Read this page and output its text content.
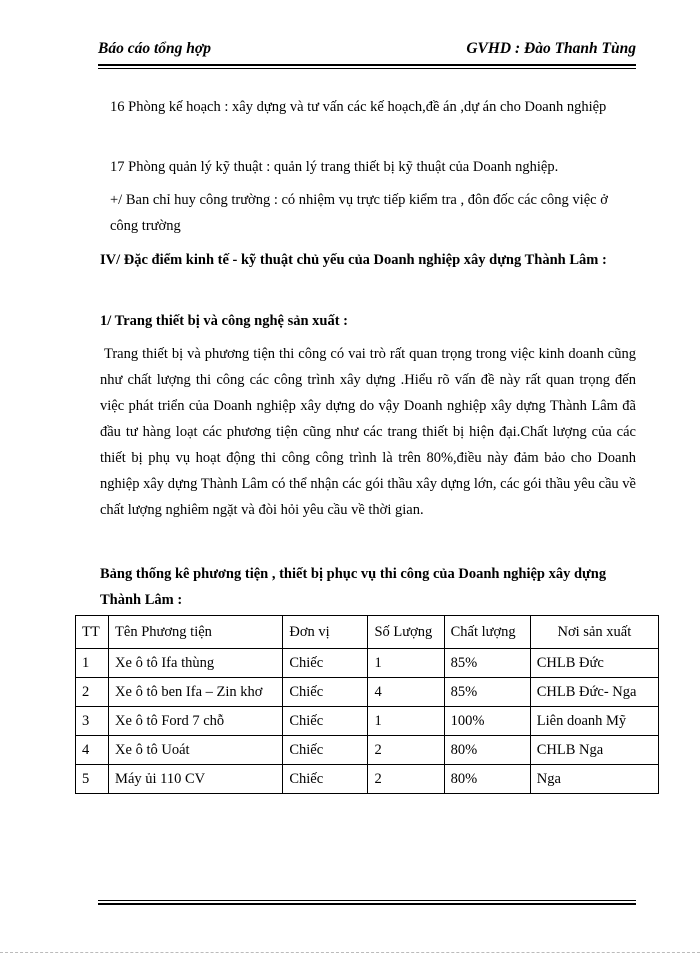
Báo cáo tổng hợp	GVHD : Đào Thanh Tùng

16 Phòng kế hoạch : xây dựng và tư vấn các kế hoạch,đề án ,dự án cho Doanh nghiệp

17 Phòng quản lý kỹ thuật : quản lý trang thiết bị kỹ thuật của Doanh nghiệp.

+/ Ban chỉ huy công trường : có nhiệm vụ trực tiếp kiểm tra , đôn đốc các công việc ở công trường

IV/ Đặc điểm kinh tế - kỹ thuật chủ yếu của Doanh nghiệp xây dựng Thành Lâm :

1/ Trang thiết bị và công nghệ sản xuất :

Trang thiết bị và phương tiện thi công có vai trò rất quan trọng trong việc kinh doanh cũng như chất lượng thi công các công trình xây dựng .Hiểu rõ vấn đề này rất quan trọng đến việc phát triển của Doanh nghiệp xây dựng do vậy Doanh nghiệp xây dựng Thành Lâm đã đầu tư hàng loạt các phương tiện cũng như các trang thiết bị hiện đại.Chất lượng của các thiết bị phụ vụ hoạt động thi công công trình là trên 80%,điều này đảm bảo cho Doanh nghiệp xây dựng Thành Lâm có thể nhận các gói thầu xây dựng lớn, các gói thầu yêu cầu về chất lượng nghiêm ngặt và đòi hỏi yêu cầu về thời gian.

Bảng thống kê phương tiện , thiết bị phục vụ thi công của Doanh nghiệp xây dựng Thành Lâm :

TT	Tên Phương tiện	Đơn vị	Số Lượng	Chất lượng	Nơi sản xuất
1	Xe ô tô Ifa thùng	Chiếc	1	85%	CHLB Đức
2	Xe ô tô ben Ifa – Zin khơ	Chiếc	4	85%	CHLB Đức- Nga
3	Xe ô tô Ford 7 chỗ	Chiếc	1	100%	Liên doanh Mỹ
4	Xe ô tô Uoát	Chiếc	2	80%	CHLB Nga
5	Máy ủi 110 CV	Chiếc	2	80%	Nga
